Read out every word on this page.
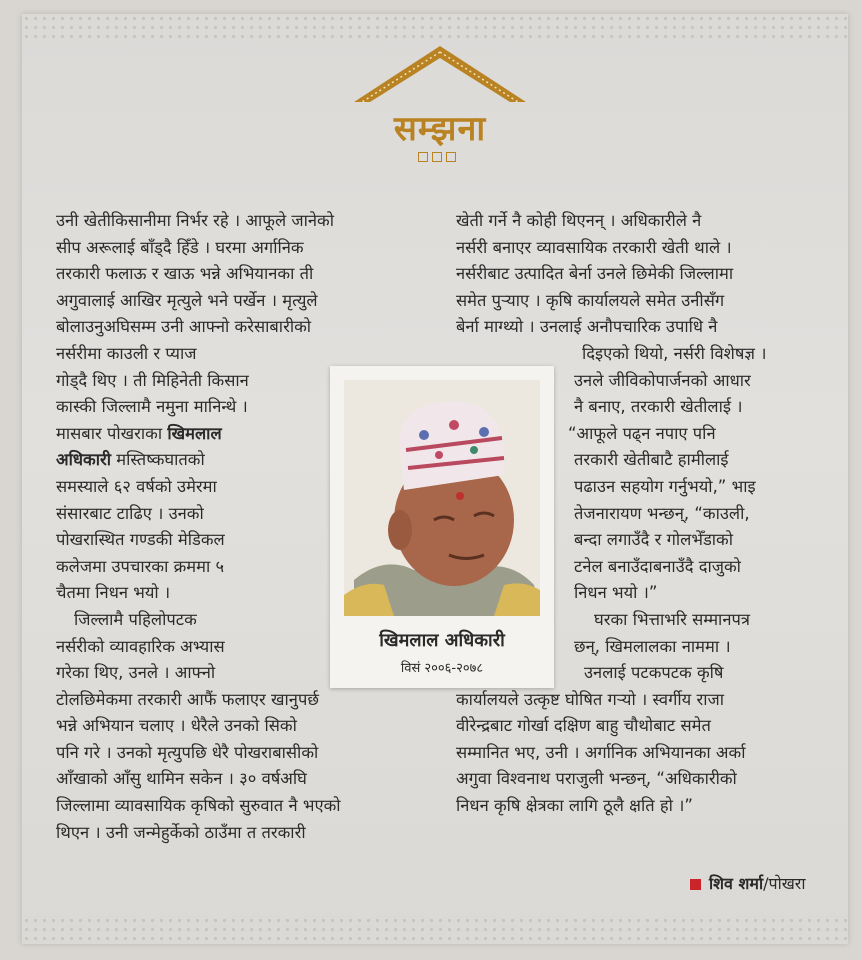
सम्झना

उनी खेतीकिसानीमा निर्भर रहे । आफूले जानेको

सीप अरूलाई बाँड्दै हिँडे । घरमा अर्गानिक

तरकारी फलाऊ र खाऊ भन्ने अभियानका ती

अगुवालाई आखिर मृत्युले भने पर्खेन । मृत्युले

बोलाउनुअघिसम्म उनी आफ्नो करेसाबारीको

नर्सरीमा काउली र प्याज

गोड्दै थिए । ती मिहिनेती किसान

कास्की जिल्लामै नमुना मानिन्थे ।

मासबार पोखराका खिमलाल

अधिकारी मस्तिष्कघातको

समस्याले ६२ वर्षको उमेरमा

संसारबाट टाढिए । उनको

पोखरास्थित गण्डकी मेडिकल

कलेजमा उपचारका क्रममा ५

चैतमा निधन भयो ।

जिल्लामै पहिलोपटक

नर्सरीको व्यावहारिक अभ्यास

गरेका थिए, उनले । आफ्नो

टोलछिमेकमा तरकारी आफैं फलाएर खानुपर्छ

भन्ने अभियान चलाए । धेरैले उनको सिको

पनि गरे । उनको मृत्युपछि धेरै पोखराबासीको

आँखाको आँसु थामिन सकेन । ३० वर्षअघि

जिल्लामा व्यावसायिक कृषिको सुरुवात नै भएको

थिएन । उनी जन्मेहुर्केको ठाउँमा त तरकारी

खेती गर्ने नै कोही थिएनन् । अधिकारीले नै

नर्सरी बनाएर व्यावसायिक तरकारी खेती थाले ।

नर्सरीबाट उत्पादित बेर्ना उनले छिमेकी जिल्लामा

समेत पुर्‍याए । कृषि कार्यालयले समेत उनीसँग

बेर्ना माग्थ्यो । उनलाई अनौपचारिक उपाधि नै

दिइएको थियो, नर्सरी विशेषज्ञ ।

उनले जीविकोपार्जनको आधार

नै बनाए, तरकारी खेतीलाई ।

“आफूले पढ्न नपाए पनि

तरकारी खेतीबाटै हामीलाई

पढाउन सहयोग गर्नुभयो,” भाइ

तेजनारायण भन्छन्, “काउली,

बन्दा लगाउँदै र गोलभेँडाको

टनेल बनाउँदाबनाउँदै दाजुको

निधन भयो ।”

घरका भित्ताभरि सम्मानपत्र

छन्, खिमलालका नाममा ।

उनलाई पटकपटक कृषि

कार्यालयले उत्कृष्ट घोषित गर्‍यो । स्वर्गीय राजा

वीरेन्द्रबाट गोर्खा दक्षिण बाहु चौथोबाट समेत

सम्मानित भए, उनी । अर्गानिक अभियानका अर्का

अगुवा विश्वनाथ पराजुली भन्छन्, “अधिकारीको

निधन कृषि क्षेत्रका लागि ठूलै क्षति हो ।”

खिमलाल अधिकारी
विसं २००६-२०७८
शिव शर्मा/पोखरा
